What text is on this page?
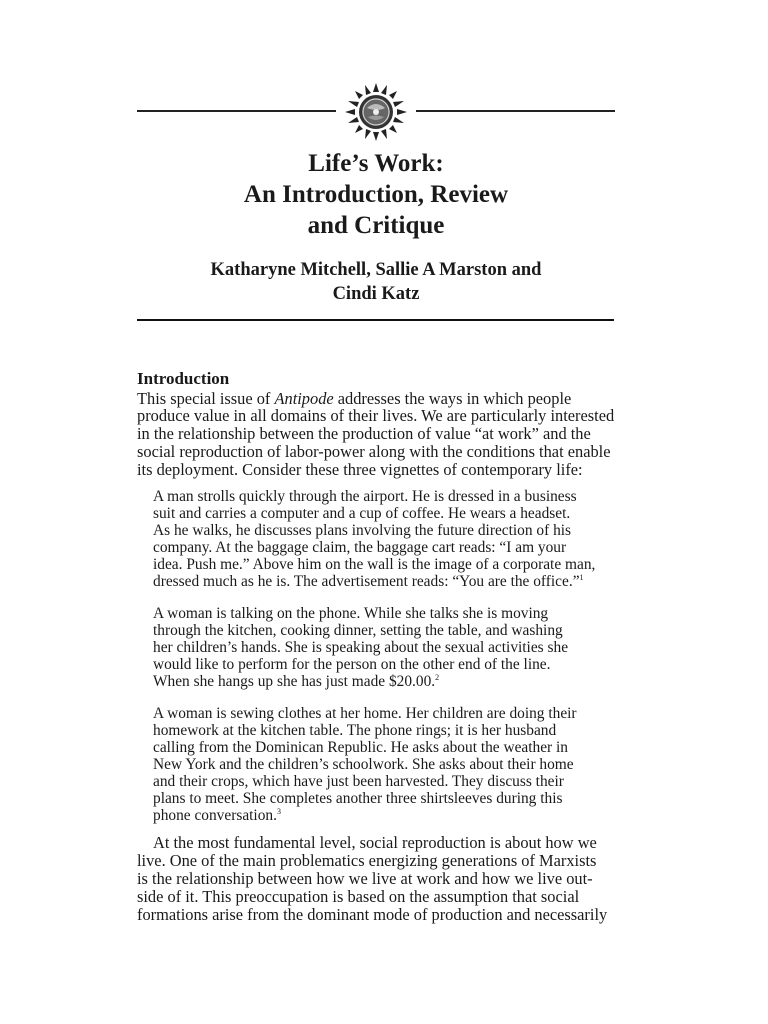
Life’s Work:
An Introduction, Review
and Critique
Katharyne Mitchell, Sallie A Marston and
Cindi Katz
Introduction
This special issue of Antipode addresses the ways in which people
produce value in all domains of their lives. We are particularly interested
in the relationship between the production of value “at work” and the
social reproduction of labor-power along with the conditions that enable
its deployment. Consider these three vignettes of contemporary life:
A man strolls quickly through the airport. He is dressed in a business
suit and carries a computer and a cup of coffee. He wears a headset.
As he walks, he discusses plans involving the future direction of his
company. At the baggage claim, the baggage cart reads: “I am your
idea. Push me.” Above him on the wall is the image of a corporate man,
dressed much as he is. The advertisement reads: “You are the office.”$^1$
A woman is talking on the phone. While she talks she is moving
through the kitchen, cooking dinner, setting the table, and washing
her children’s hands. She is speaking about the sexual activities she
would like to perform for the person on the other end of the line.
When she hangs up she has just made $20.00.$^2$
A woman is sewing clothes at her home. Her children are doing their
homework at the kitchen table. The phone rings; it is her husband
calling from the Dominican Republic. He asks about the weather in
New York and the children’s schoolwork. She asks about their home
and their crops, which have just been harvested. They discuss their
plans to meet. She completes another three shirtsleeves during this
phone conversation.$^3$
At the most fundamental level, social reproduction is about how we
live. One of the main problematics energizing generations of Marxists
is the relationship between how we live at work and how we live out-
side of it. This preoccupation is based on the assumption that social
formations arise from the dominant mode of production and necessarily
